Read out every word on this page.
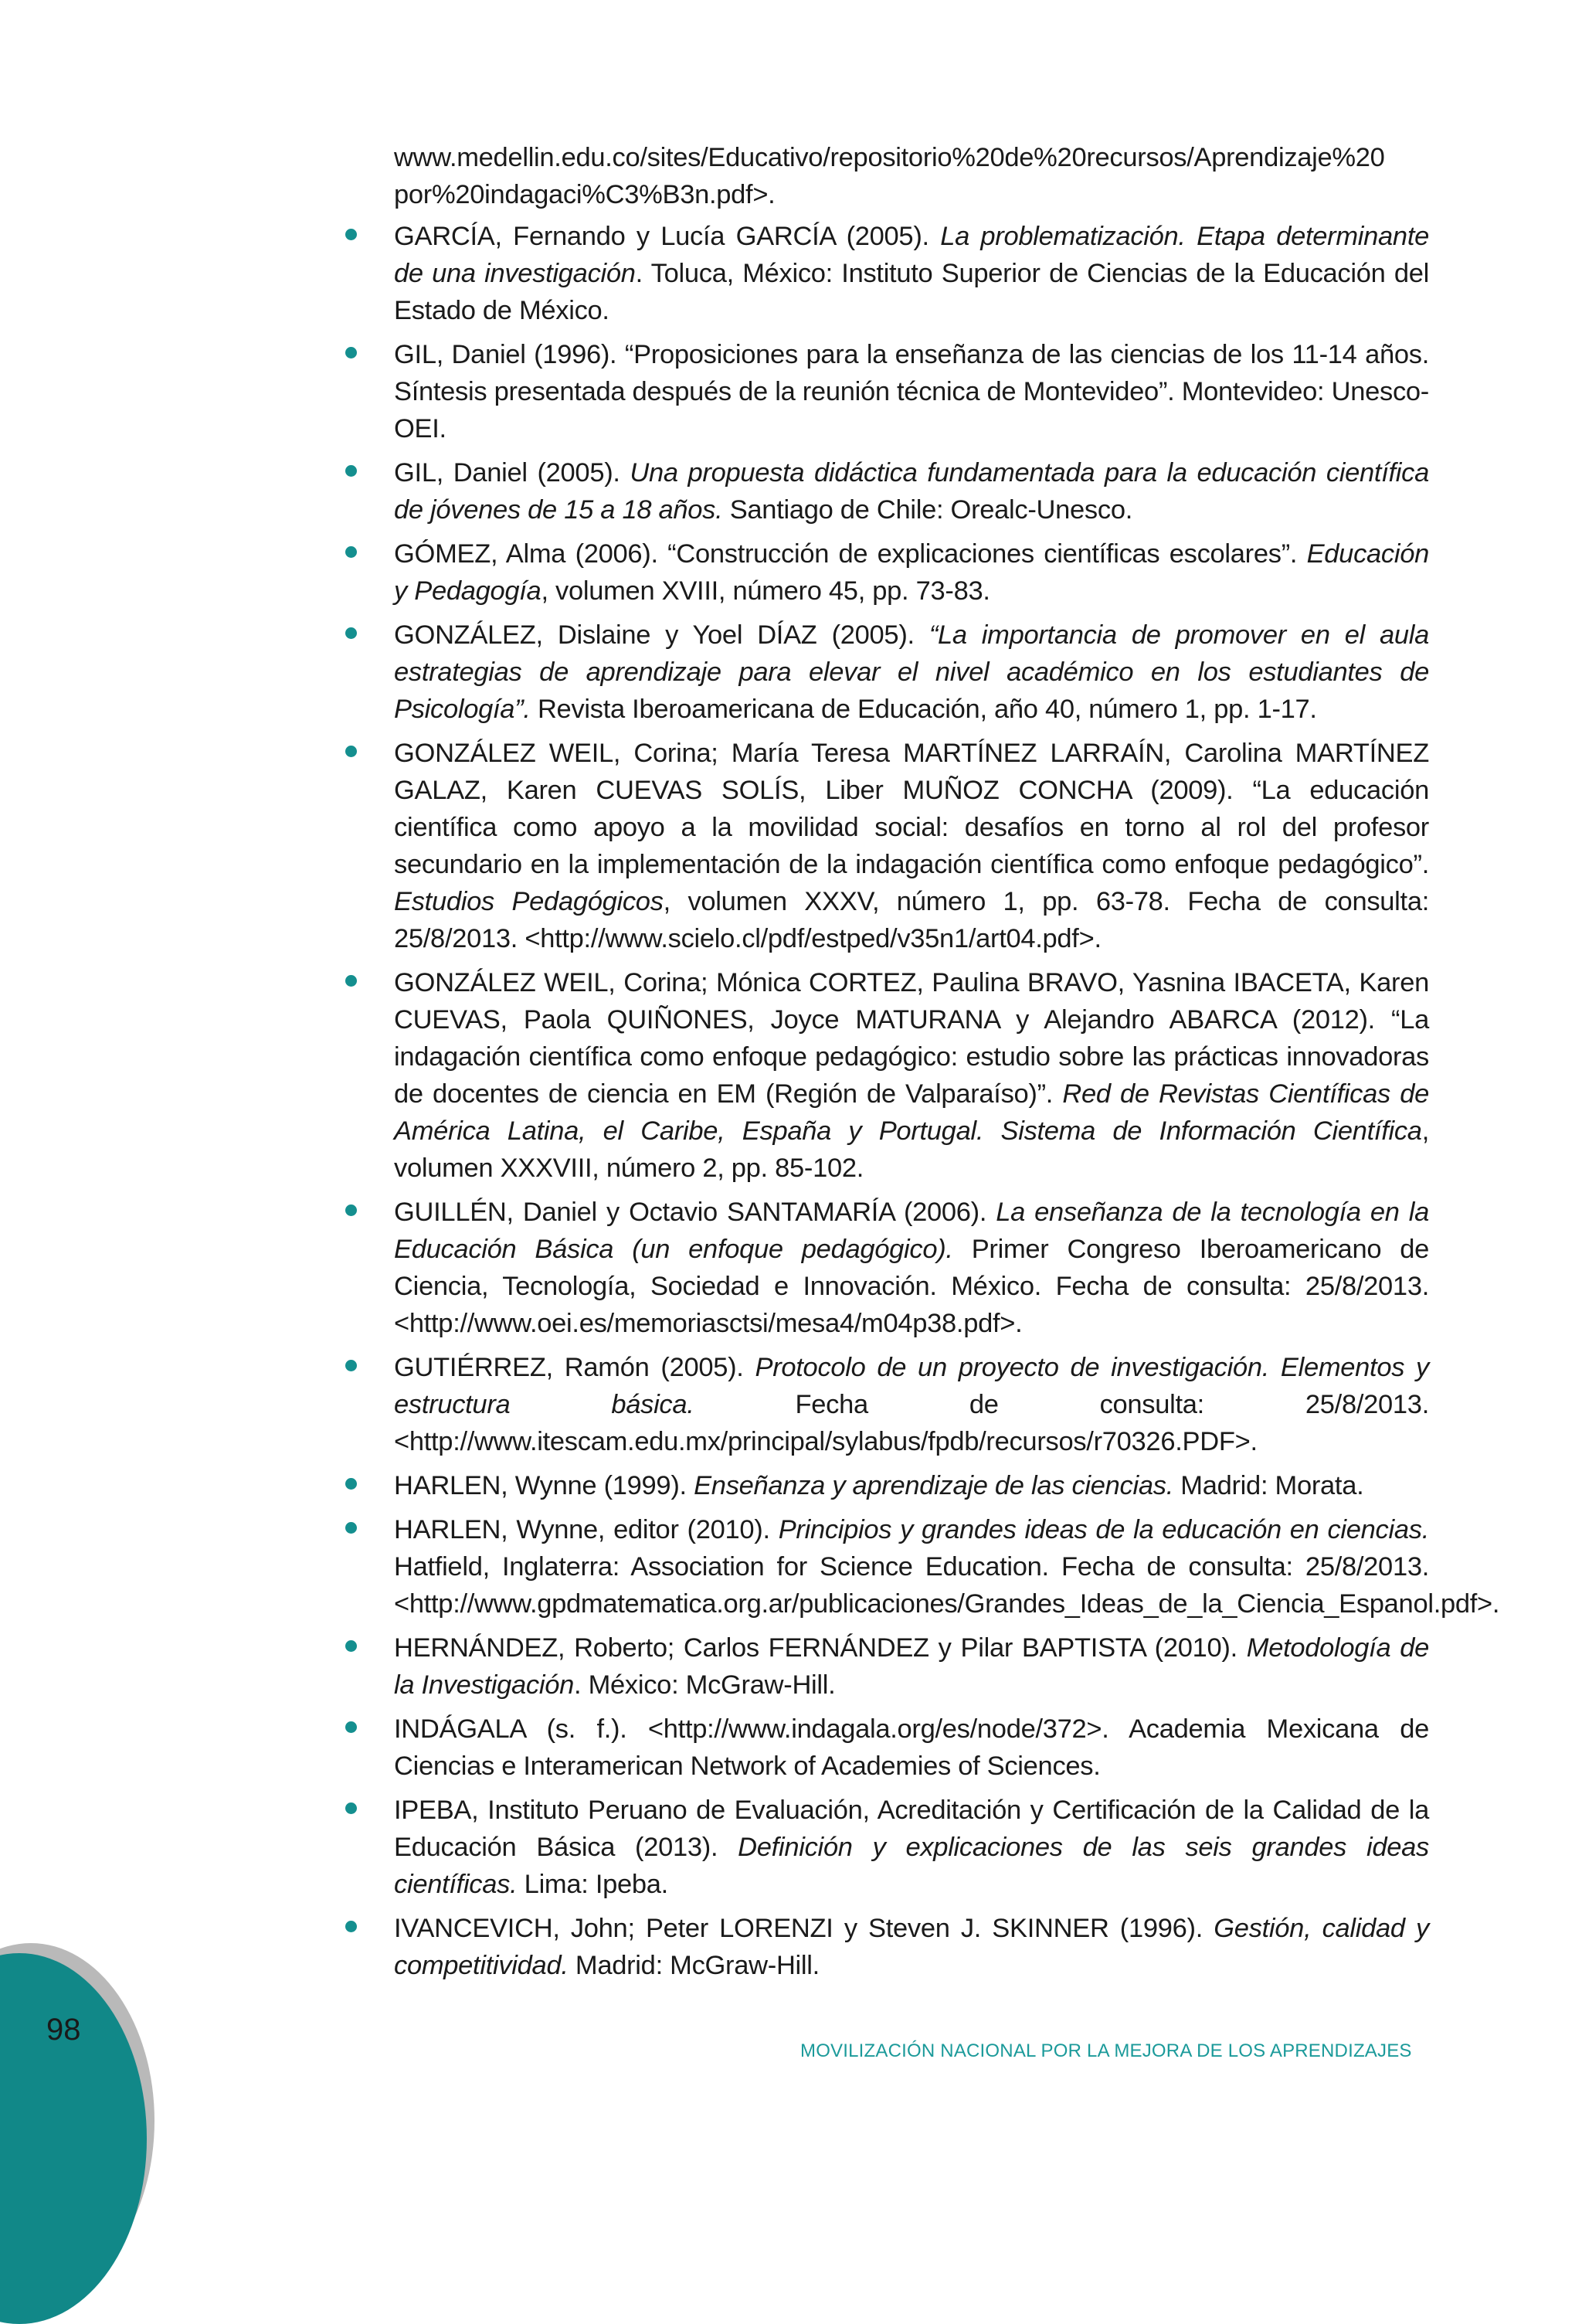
www.medellin.edu.co/sites/Educativo/repositorio%20de%20recursos/Aprendizaje%20
por%20indagaci%C3%B3n.pdf>.
GARCÍA, Fernando y Lucía GARCÍA (2005). La problematización. Etapa determinante de una investigación. Toluca, México: Instituto Superior de Ciencias de la Educación del Estado de México.
GIL, Daniel (1996). “Proposiciones para la enseñanza de las ciencias de los 11-14 años. Síntesis presentada después de la reunión técnica de Montevideo”. Montevideo: Unesco-OEI.
GIL, Daniel (2005). Una propuesta didáctica fundamentada para la educación científica de jóvenes de 15 a 18 años. Santiago de Chile: Orealc-Unesco.
GÓMEZ, Alma (2006). “Construcción de explicaciones científicas escolares”. Educación y Pedagogía, volumen XVIII, número 45, pp. 73-83.
GONZÁLEZ, Dislaine y Yoel DÍAZ (2005). “La importancia de promover en el aula estrategias de aprendizaje para elevar el nivel académico en los estudiantes de Psicología”. Revista Iberoamericana de Educación, año 40, número 1, pp. 1-17.
GONZÁLEZ WEIL, Corina; María Teresa MARTÍNEZ LARRAÍN, Carolina MARTÍNEZ GALAZ, Karen CUEVAS SOLÍS, Liber MUÑOZ CONCHA (2009). “La educación científica como apoyo a la movilidad social: desafíos en torno al rol del profesor secundario en la implementación de la indagación científica como enfoque pedagógico”. Estudios Pedagógicos, volumen XXXV, número 1, pp. 63-78. Fecha de consulta: 25/8/2013. <http://www.scielo.cl/pdf/estped/v35n1/art04.pdf>.
GONZÁLEZ WEIL, Corina; Mónica CORTEZ, Paulina BRAVO, Yasnina IBACETA, Karen CUEVAS, Paola QUIÑONES, Joyce MATURANA y Alejandro ABARCA (2012). “La indagación científica como enfoque pedagógico: estudio sobre las prácticas innovadoras de docentes de ciencia en EM (Región de Valparaíso)”. Red de Revistas Científicas de América Latina, el Caribe, España y Portugal. Sistema de Información Científica, volumen XXXVIII, número 2, pp. 85-102.
GUILLÉN, Daniel y Octavio SANTAMARÍA (2006). La enseñanza de la tecnología en la Educación Básica (un enfoque pedagógico). Primer Congreso Iberoamericano de Ciencia, Tecnología, Sociedad e Innovación. México. Fecha de consulta: 25/8/2013. <http://www.oei.es/memoriasctsi/mesa4/m04p38.pdf>.
GUTIÉRREZ, Ramón (2005). Protocolo de un proyecto de investigación. Elementos y estructura básica. Fecha de consulta: 25/8/2013. <http://www.itescam.edu.mx/principal/sylabus/fpdb/recursos/r70326.PDF>.
HARLEN, Wynne (1999). Enseñanza y aprendizaje de las ciencias. Madrid: Morata.
HARLEN, Wynne, editor (2010). Principios y grandes ideas de la educación en ciencias. Hatfield, Inglaterra: Association for Science Education. Fecha de consulta: 25/8/2013. <http://www.gpdmatematica.org.ar/publicaciones/Grandes_Ideas_de_la_Ciencia_Espanol.pdf>.
HERNÁNDEZ, Roberto; Carlos FERNÁNDEZ y Pilar BAPTISTA (2010). Metodología de la Investigación. México: McGraw-Hill.
INDÁGALA (s. f.). <http://www.indagala.org/es/node/372>. Academia Mexicana de Ciencias e Interamerican Network of Academies of Sciences.
IPEBA, Instituto Peruano de Evaluación, Acreditación y Certificación de la Calidad de la Educación Básica (2013). Definición y explicaciones de las seis grandes ideas científicas. Lima: Ipeba.
IVANCEVICH, John; Peter LORENZI y Steven J. SKINNER (1996). Gestión, calidad y competitividad. Madrid: McGraw-Hill.
98
MOVILIZACIÓN NACIONAL POR LA MEJORA DE LOS APRENDIZAJES
